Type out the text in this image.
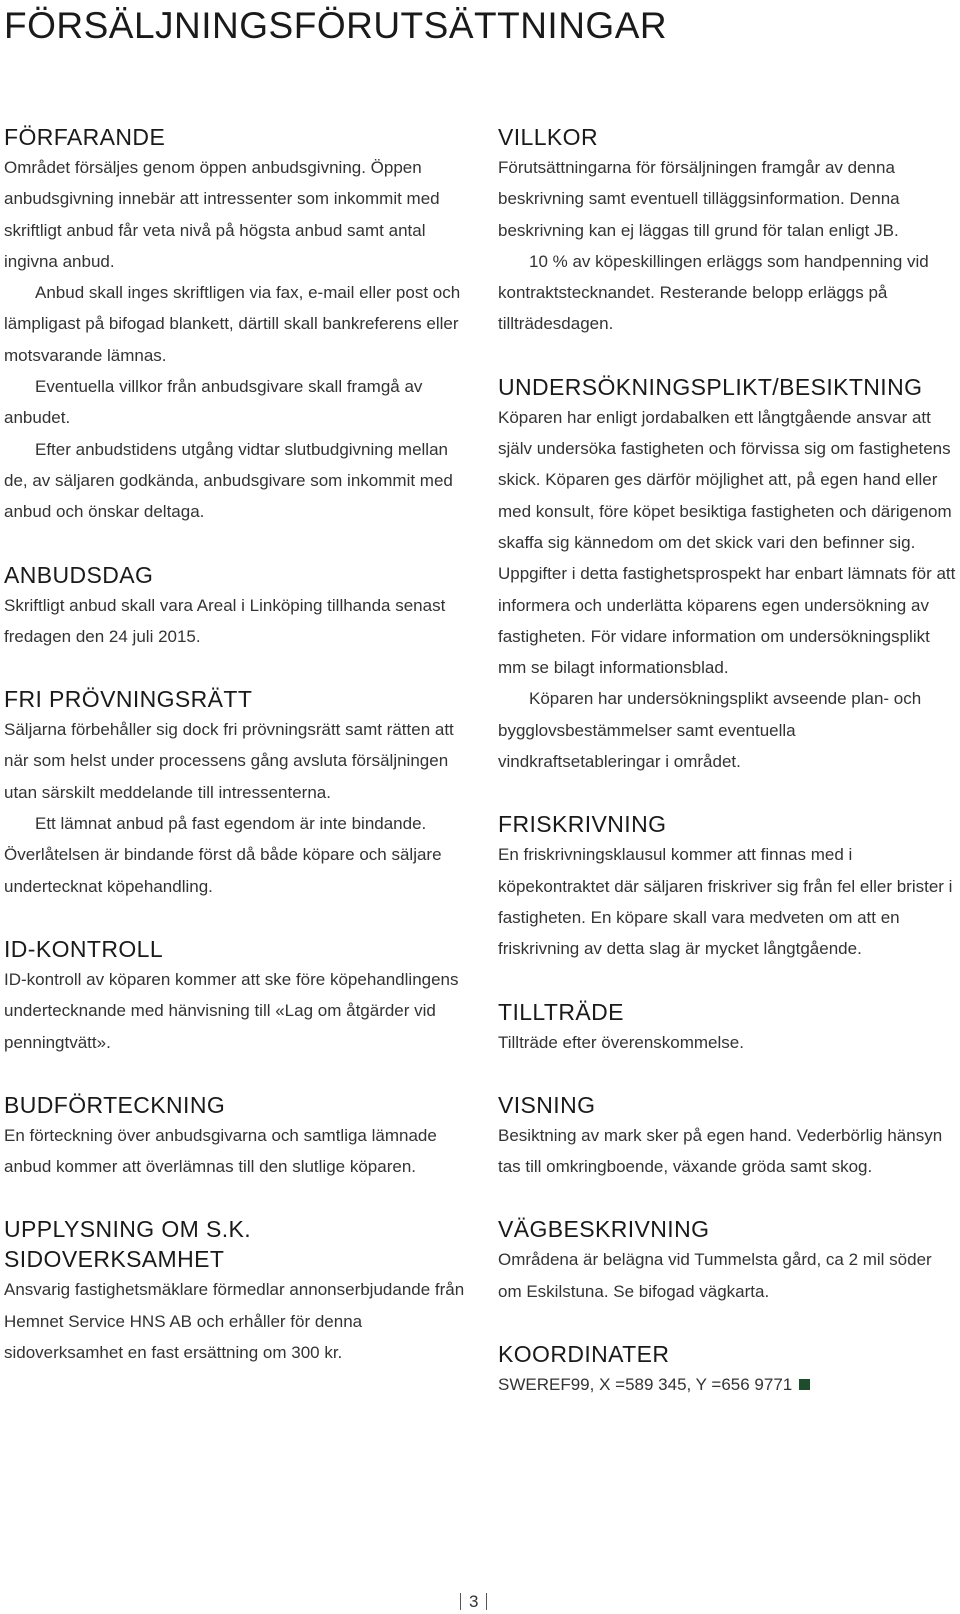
FÖRSÄLJNINGSFÖRUTSÄTTNINGAR
FÖRFARANDE

Området försäljes genom öppen anbudsgivning. Öppen anbudsgivning innebär att intressenter som inkommit med skriftligt anbud får veta nivå på högsta anbud samt antal ingivna anbud.

Anbud skall inges skriftligen via fax, e-mail eller post och lämpligast på bifogad blankett, därtill skall bankreferens eller motsvarande lämnas.

Eventuella villkor från anbudsgivare skall framgå av anbudet.

Efter anbudstidens utgång vidtar slutbudgivning mellan de, av säljaren godkända, anbudsgivare som inkommit med anbud och önskar deltaga.

ANBUDSDAG

Skriftligt anbud skall vara Areal i Linköping tillhanda senast fredagen den 24 juli 2015.

FRI PRÖVNINGSRÄTT

Säljarna förbehåller sig dock fri prövningsrätt samt rätten att när som helst under processens gång avsluta försäljningen utan särskilt meddelande till intressenterna.

Ett lämnat anbud på fast egendom är inte bindande. Överlåtelsen är bindande först då både köpare och säljare undertecknat köpehandling.

ID-KONTROLL

ID-kontroll av köparen kommer att ske före köpehandlingens undertecknande med hänvisning till «Lag om åtgärder vid penningtvätt».

BUDFÖRTECKNING

En förteckning över anbudsgivarna och samtliga lämnade anbud kommer att överlämnas till den slutlige köparen.

UPPLYSNING OM S.K. SIDOVERKSAMHET

Ansvarig fastighetsmäklare förmedlar annonserbjudande från Hemnet Service HNS AB och erhåller för denna sidoverksamhet en fast ersättning om 300 kr.

VILLKOR

Förutsättningarna för försäljningen framgår av denna beskrivning samt eventuell tilläggsinformation. Denna beskrivning kan ej läggas till grund för talan enligt JB.

10 % av köpeskillingen erläggs som handpenning vid kontraktstecknandet. Resterande belopp erläggs på tillträdesdagen.

UNDERSÖKNINGSPLIKT/BESIKTNING

Köparen har enligt jordabalken ett långtgående ansvar att själv undersöka fastigheten och förvissa sig om fastighetens skick. Köparen ges därför möjlighet att, på egen hand eller med konsult, före köpet besiktiga fastigheten och därigenom skaffa sig kännedom om det skick vari den befinner sig. Uppgifter i detta fastighetsprospekt har enbart lämnats för att informera och underlätta köparens egen undersökning av fastigheten. För vidare information om undersökningsplikt mm se bilagt informationsblad.

Köparen har undersökningsplikt avseende plan- och bygglovsbestämmelser samt eventuella vindkraftsetableringar i området.

FRISKRIVNING

En friskrivningsklausul kommer att finnas med i köpekontraktet där säljaren friskriver sig från fel eller brister i fastigheten. En köpare skall vara medveten om att en friskrivning av detta slag är mycket långtgående.

TILLTRÄDE

Tillträde efter överenskommelse.

VISNING

Besiktning av mark sker på egen hand. Vederbörlig hänsyn tas till omkringboende, växande gröda samt skog.

VÄGBESKRIVNING

Områdena är belägna vid Tummelsta gård, ca 2 mil söder om Eskilstuna. Se bifogad vägkarta.

KOORDINATER

SWEREF99, X =589 345, Y =656 9771

3
